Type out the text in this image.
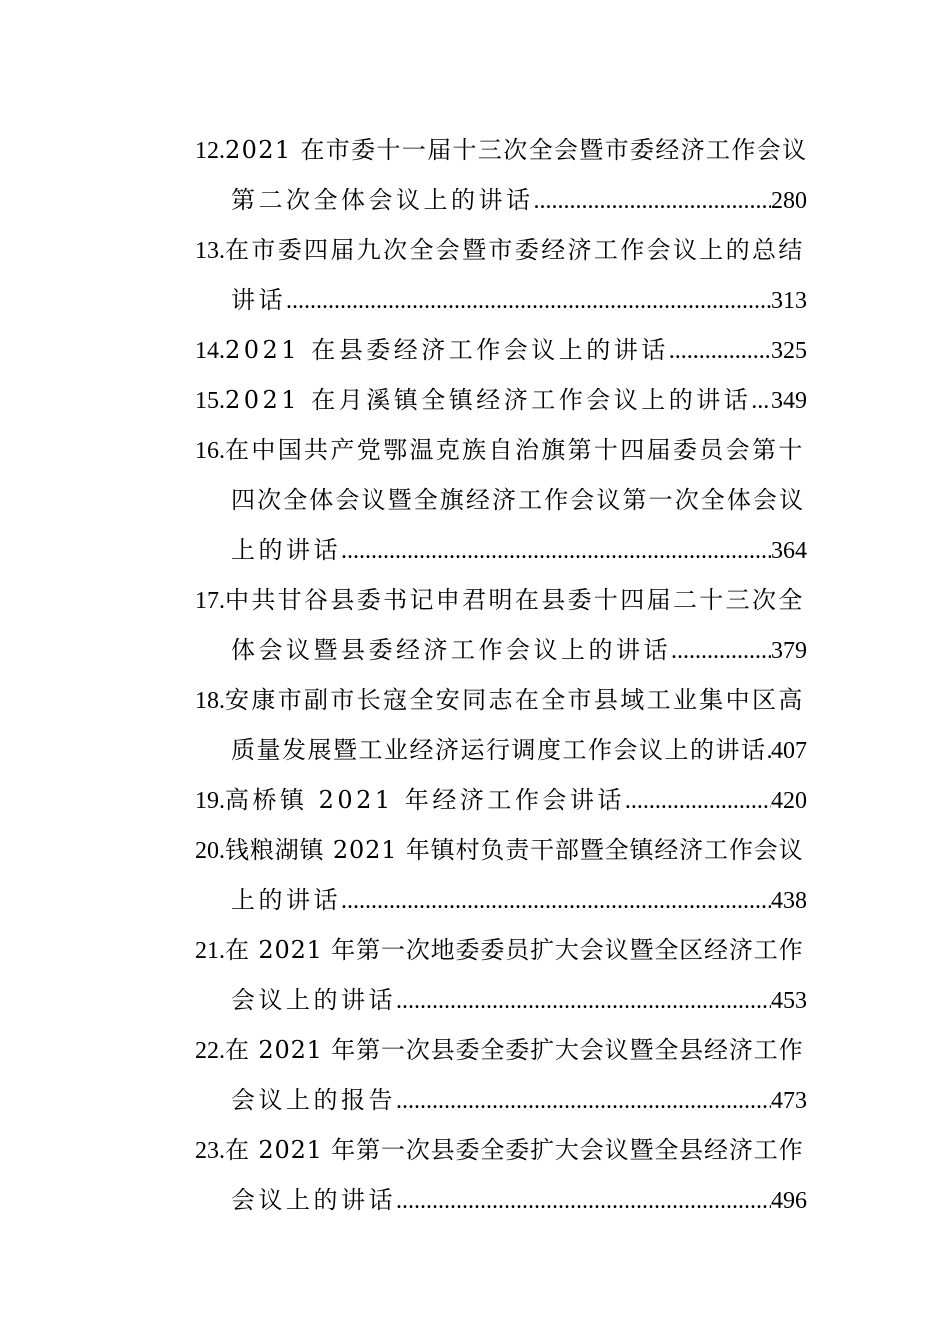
12. 2021 在市委十一届十三次全会暨市委经济工作会议
第二次全体会议上的讲话 .....	280
13. 在市委四届九次全会暨市委经济工作会议上的总结
讲话 .....	313
14. 2021 在县委经济工作会议上的讲话 .....	325
15. 2021 在月溪镇全镇经济工作会议上的讲话 ..... 349
16. 在中国共产党鄂温克族自治旗第十四届委员会第十
四次全体会议暨全旗经济工作会议第一次全体会议
上的讲话 .....	364
17. 中共甘谷县委书记申君明在县委十四届二十三次全
体会议暨县委经济工作会议上的讲话 .....	379
18. 安康市副市长寇全安同志在全市县域工业集中区高
质量发展暨工业经济运行调度工作会议上的讲话 ..... 407
19. 高桥镇 2021 年经济工作会讲话 .....	420
20. 钱粮湖镇 2021 年镇村负责干部暨全镇经济工作会议
上的讲话 .....	438
21. 在 2021 年第一次地委委员扩大会议暨全区经济工作
会议上的讲话 .....	453
22. 在 2021 年第一次县委全委扩大会议暨全县经济工作
会议上的报告 .....	473
23. 在 2021 年第一次县委全委扩大会议暨全县经济工作
会议上的讲话 .....	496
